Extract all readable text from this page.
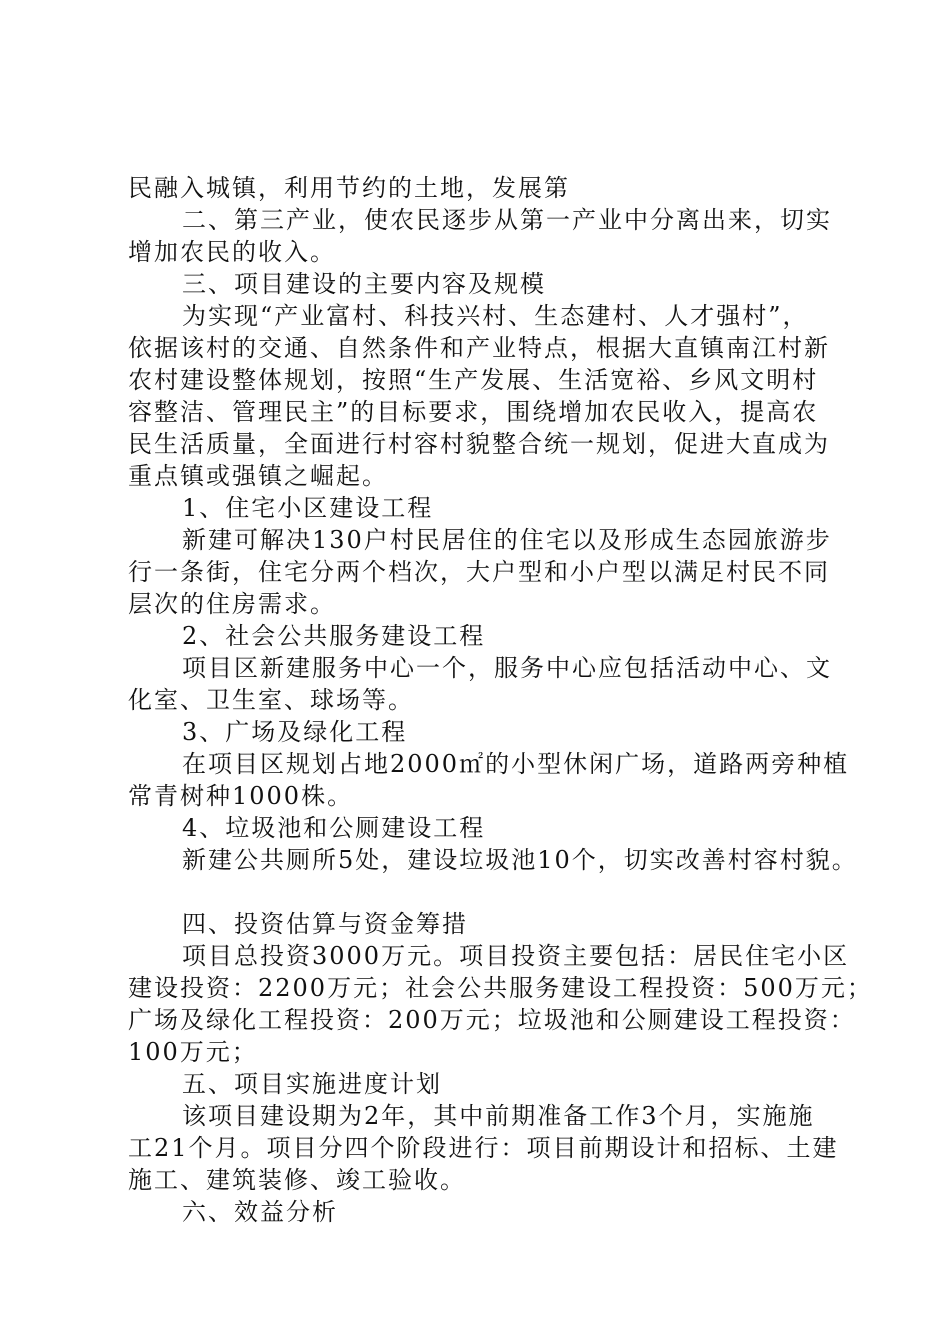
民融入城镇，利用节约的土地，发展第
二、第三产业，使农民逐步从第一产业中分离出来，切实
增加农民的收入。
三、项目建设的主要内容及规模
为实现“产业富村、科技兴村、生态建村、人才强村”，
依据该村的交通、自然条件和产业特点，根据大直镇南江村新
农村建设整体规划，按照“生产发展、生活宽裕、乡风文明村
容整洁、管理民主”的目标要求，围绕增加农民收入，提高农
民生活质量，全面进行村容村貌整合统一规划，促进大直成为
重点镇或强镇之崛起。
1、住宅小区建设工程
新建可解决130户村民居住的住宅以及形成生态园旅游步
行一条街，住宅分两个档次，大户型和小户型以满足村民不同
层次的住房需求。
2、社会公共服务建设工程
项目区新建服务中心一个，服务中心应包括活动中心、文
化室、卫生室、球场等。
3、广场及绿化工程
在项目区规划占地2000㎡的小型休闲广场，道路两旁种植
常青树种1000株。
4、垃圾池和公厕建设工程
新建公共厕所5处，建设垃圾池10个，切实改善村容村貌。
四、投资估算与资金筹措
项目总投资3000万元。项目投资主要包括：居民住宅小区
建设投资：2200万元；社会公共服务建设工程投资：500万元；
广场及绿化工程投资：200万元；垃圾池和公厕建设工程投资：
100万元；
五、项目实施进度计划
该项目建设期为2年，其中前期准备工作3个月，实施施
工21个月。项目分四个阶段进行：项目前期设计和招标、土建
施工、建筑装修、竣工验收。
六、效益分析
